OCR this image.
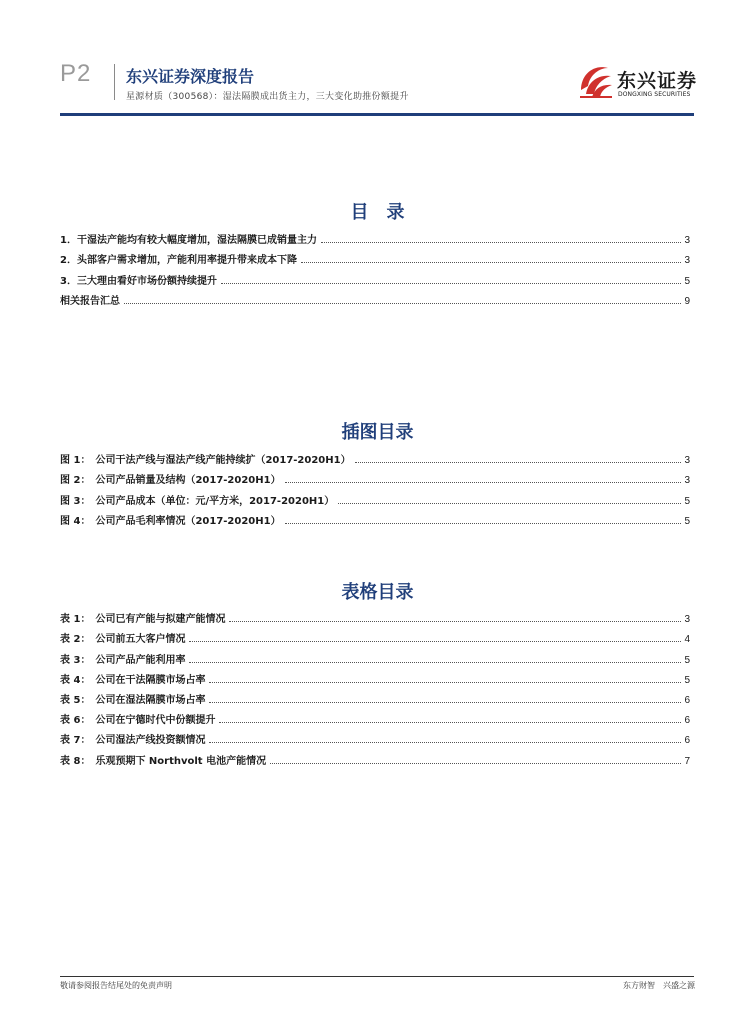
P2 东兴证券深度报告
星源材质（300568）：湿法隔膜成出货主力，三大变化助推份额提升
东兴证券
DONGXING SECURITIES
目　录
1．干湿法产能均有较大幅度增加，湿法隔膜已成销量主力	3
2．头部客户需求增加，产能利用率提升带来成本下降	3
3．三大理由看好市场份额持续提升	5
相关报告汇总	9
插图目录
图 1：　公司干法产线与湿法产线产能持续扩（2017-2020H1）	3
图 2：　公司产品销量及结构（2017-2020H1）	3
图 3：　公司产品成本（单位：元/平方米，2017-2020H1）	5
图 4：　公司产品毛利率情况（2017-2020H1）	5
表格目录
表 1：　公司已有产能与拟建产能情况	3
表 2：　公司前五大客户情况	4
表 3：　公司产品产能利用率	5
表 4：　公司在干法隔膜市场占率	5
表 5：　公司在湿法隔膜市场占率	6
表 6：　公司在宁德时代中份额提升	6
表 7：　公司湿法产线投资额情况	6
表 8：　乐观预期下 Northvolt 电池产能情况	7
敬请参阅报告结尾处的免责声明	东方财智　兴盛之源
